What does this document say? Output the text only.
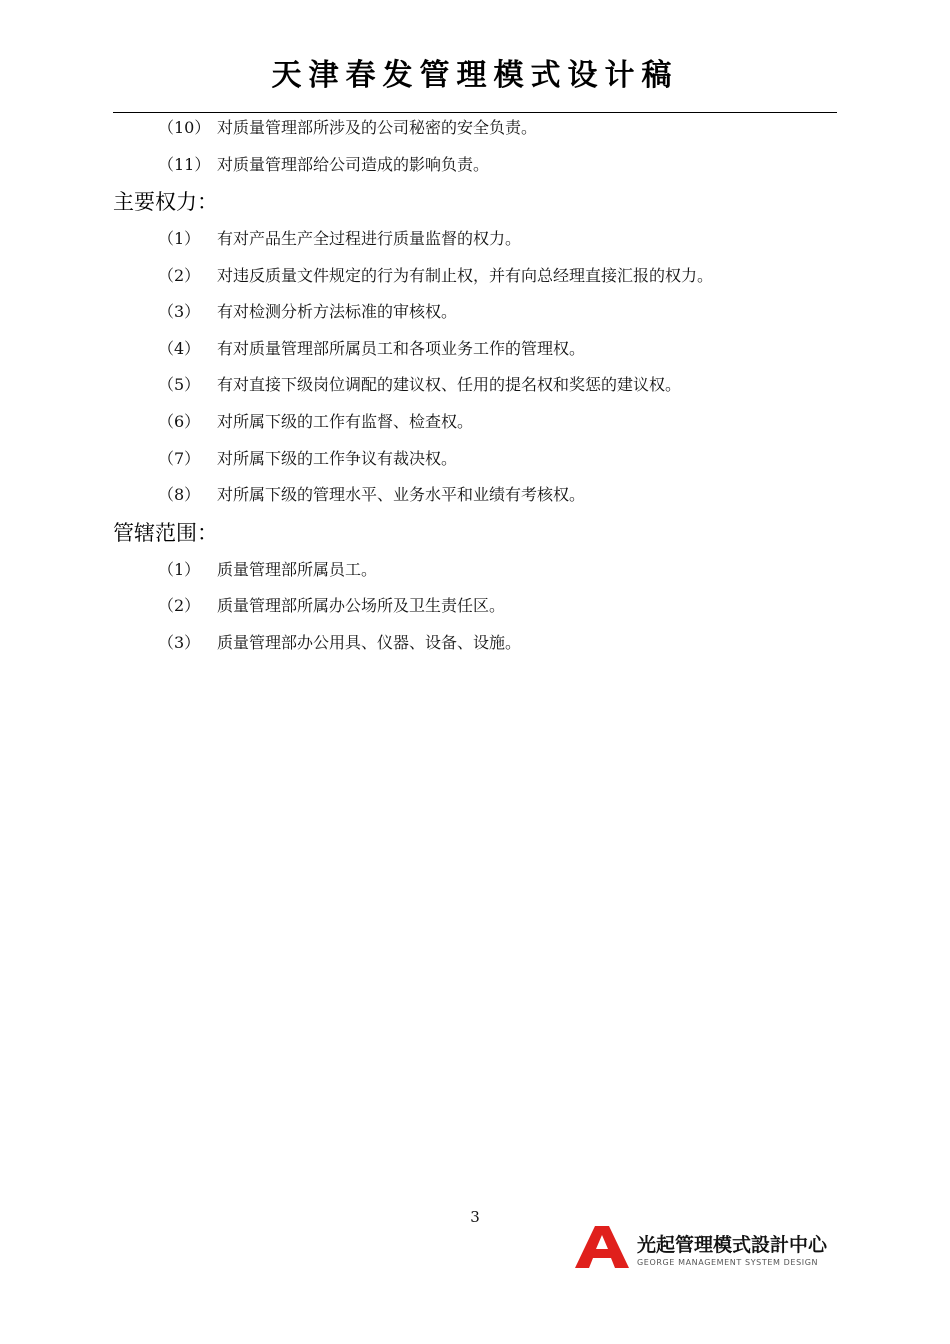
天津春发管理模式设计稿
（10） 对质量管理部所涉及的公司秘密的安全负责。
（11） 对质量管理部给公司造成的影响负责。
主要权力：
（1） 有对产品生产全过程进行质量监督的权力。
（2） 对违反质量文件规定的行为有制止权，并有向总经理直接汇报的权力。
（3） 有对检测分析方法标准的审核权。
（4） 有对质量管理部所属员工和各项业务工作的管理权。
（5） 有对直接下级岗位调配的建议权、任用的提名权和奖惩的建议权。
（6） 对所属下级的工作有监督、检查权。
（7） 对所属下级的工作争议有裁决权。
（8） 对所属下级的管理水平、业务水平和业绩有考核权。
管辖范围：
（1） 质量管理部所属员工。
（2） 质量管理部所属办公场所及卫生责任区。
（3） 质量管理部办公用具、仪器、设备、设施。
3
光起管理模式設計中心
GEORGE MANAGEMENT SYSTEM DESIGN
